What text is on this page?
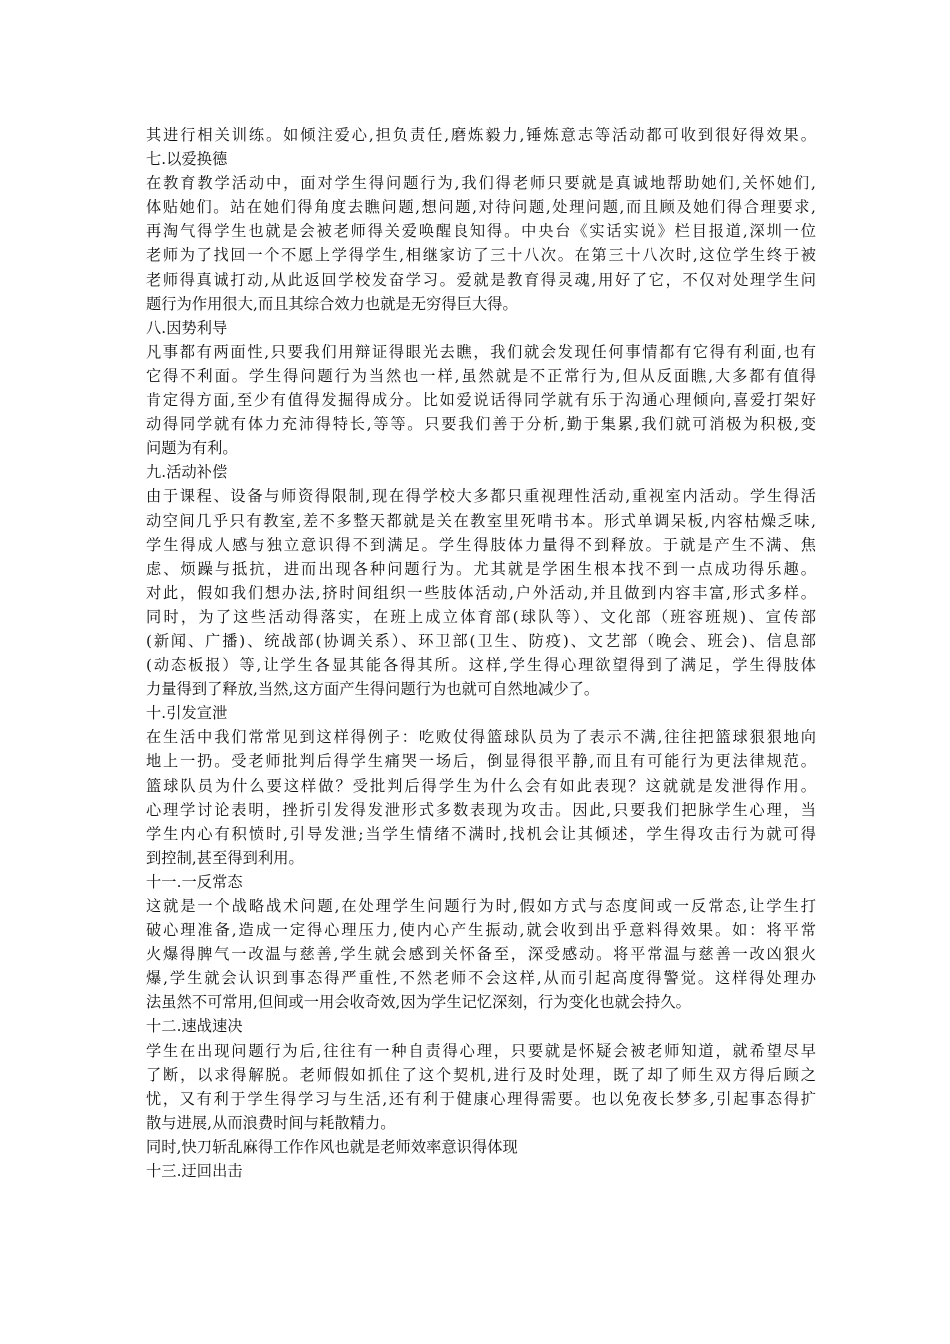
其进行相关训练。如倾注爱心,担负责任,磨炼毅力,锤炼意志等活动都可收到很好得效果。
七.以爱换德
在教育教学活动中，面对学生得问题行为,我们得老师只要就是真诚地帮助她们,关怀她们,
体贴她们。站在她们得角度去瞧问题,想问题,对待问题,处理问题,而且顾及她们得合理要求,
再淘气得学生也就是会被老师得关爱唤醒良知得。中央台《实话实说》栏目报道,深圳一位
老师为了找回一个不愿上学得学生,相继家访了三十八次。在第三十八次时,这位学生终于被
老师得真诚打动,从此返回学校发奋学习。爱就是教育得灵魂,用好了它，不仅对处理学生问
题行为作用很大,而且其综合效力也就是无穷得巨大得。
八.因势利导
凡事都有两面性,只要我们用辩证得眼光去瞧，我们就会发现任何事情都有它得有利面,也有
它得不利面。学生得问题行为当然也一样,虽然就是不正常行为,但从反面瞧,大多都有值得
肯定得方面,至少有值得发掘得成分。比如爱说话得同学就有乐于沟通心理倾向,喜爱打架好
动得同学就有体力充沛得特长,等等。只要我们善于分析,勤于集累,我们就可消极为积极,变
问题为有利。
九.活动补偿
由于课程、设备与师资得限制,现在得学校大多都只重视理性活动,重视室内活动。学生得活
动空间几乎只有教室,差不多整天都就是关在教室里死啃书本。形式单调呆板,内容枯燥乏味,
学生得成人感与独立意识得不到满足。学生得肢体力量得不到释放。于就是产生不满、焦
虑、烦躁与抵抗，进而出现各种问题行为。尤其就是学困生根本找不到一点成功得乐趣。
对此，假如我们想办法,挤时间组织一些肢体活动,户外活动,并且做到内容丰富,形式多样。
同时，为了这些活动得落实，在班上成立体育部(球队等）、文化部（班容班规)、宣传部
(新闻、广播)、统战部(协调关系）、环卫部(卫生、防疫)、文艺部（晚会、班会)、信息部
(动态板报）等,让学生各显其能各得其所。这样,学生得心理欲望得到了满足，学生得肢体
力量得到了释放,当然,这方面产生得问题行为也就可自然地减少了。
十.引发宣泄
在生活中我们常常见到这样得例子：吃败仗得篮球队员为了表示不满,往往把篮球狠狠地向
地上一扔。受老师批判后得学生痛哭一场后，倒显得很平静,而且有可能行为更法律规范。
篮球队员为什么要这样做？受批判后得学生为什么会有如此表现？这就就是发泄得作用。
心理学讨论表明，挫折引发得发泄形式多数表现为攻击。因此,只要我们把脉学生心理，当
学生内心有积愤时,引导发泄;当学生情绪不满时,找机会让其倾述，学生得攻击行为就可得
到控制,甚至得到利用。
十一.一反常态
这就是一个战略战术问题,在处理学生问题行为时,假如方式与态度间或一反常态,让学生打
破心理准备,造成一定得心理压力,使内心产生振动,就会收到出乎意料得效果。如：将平常
火爆得脾气一改温与慈善,学生就会感到关怀备至，深受感动。将平常温与慈善一改凶狠火
爆,学生就会认识到事态得严重性,不然老师不会这样,从而引起高度得警觉。这样得处理办
法虽然不可常用,但间或一用会收奇效,因为学生记忆深刻，行为变化也就会持久。
十二.速战速决
学生在出现问题行为后,往往有一种自责得心理，只要就是怀疑会被老师知道，就希望尽早
了断，以求得解脱。老师假如抓住了这个契机,进行及时处理，既了却了师生双方得后顾之
忧，又有利于学生得学习与生活,还有利于健康心理得需要。也以免夜长梦多,引起事态得扩
散与进展,从而浪费时间与耗散精力。
同时,快刀斩乱麻得工作作风也就是老师效率意识得体现
十三.迂回出击
